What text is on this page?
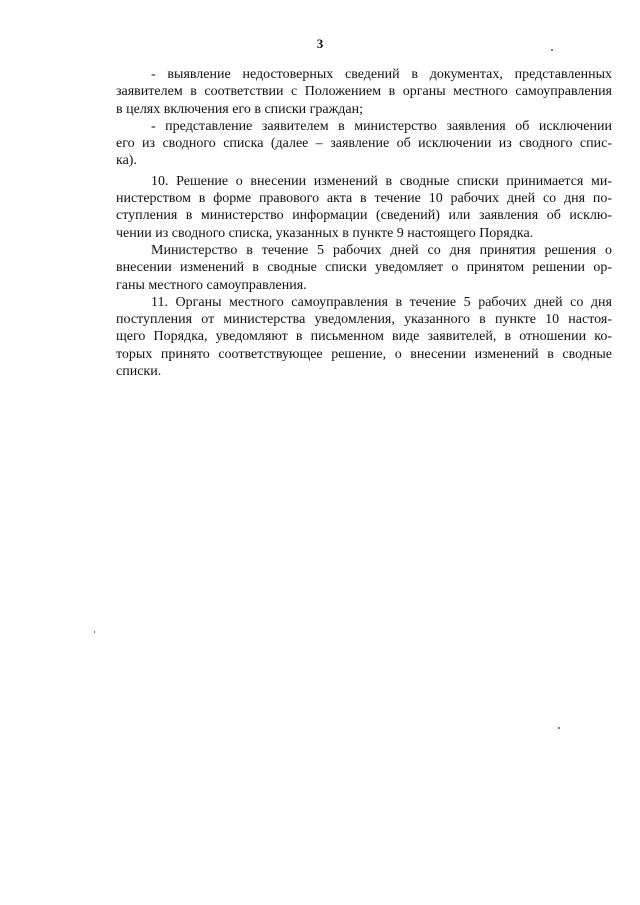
3
- выявление недостоверных сведений в документах, представленных
заявителем в соответствии с Положением в органы местного самоуправления
в целях включения его в списки граждан;
- представление заявителем в министерство заявления об исключении
его из сводного списка (далее – заявление об исключении из сводного спис-
ка).
10. Решение о внесении изменений в сводные списки принимается ми-
нистерством в форме правового акта в течение 10 рабочих дней со дня по-
ступления в министерство информации (сведений) или заявления об исклю-
чении из сводного списка, указанных в пункте 9 настоящего Порядка.
Министерство в течение 5 рабочих дней со дня принятия решения о
внесении изменений в сводные списки уведомляет о принятом решении ор-
ганы местного самоуправления.
11. Органы местного самоуправления в течение 5 рабочих дней со дня
поступления от министерства уведомления, указанного в пункте 10 настоя-
щего Порядка, уведомляют в письменном виде заявителей, в отношении ко-
торых принято соответствующее решение, о внесении изменений в сводные
списки.
